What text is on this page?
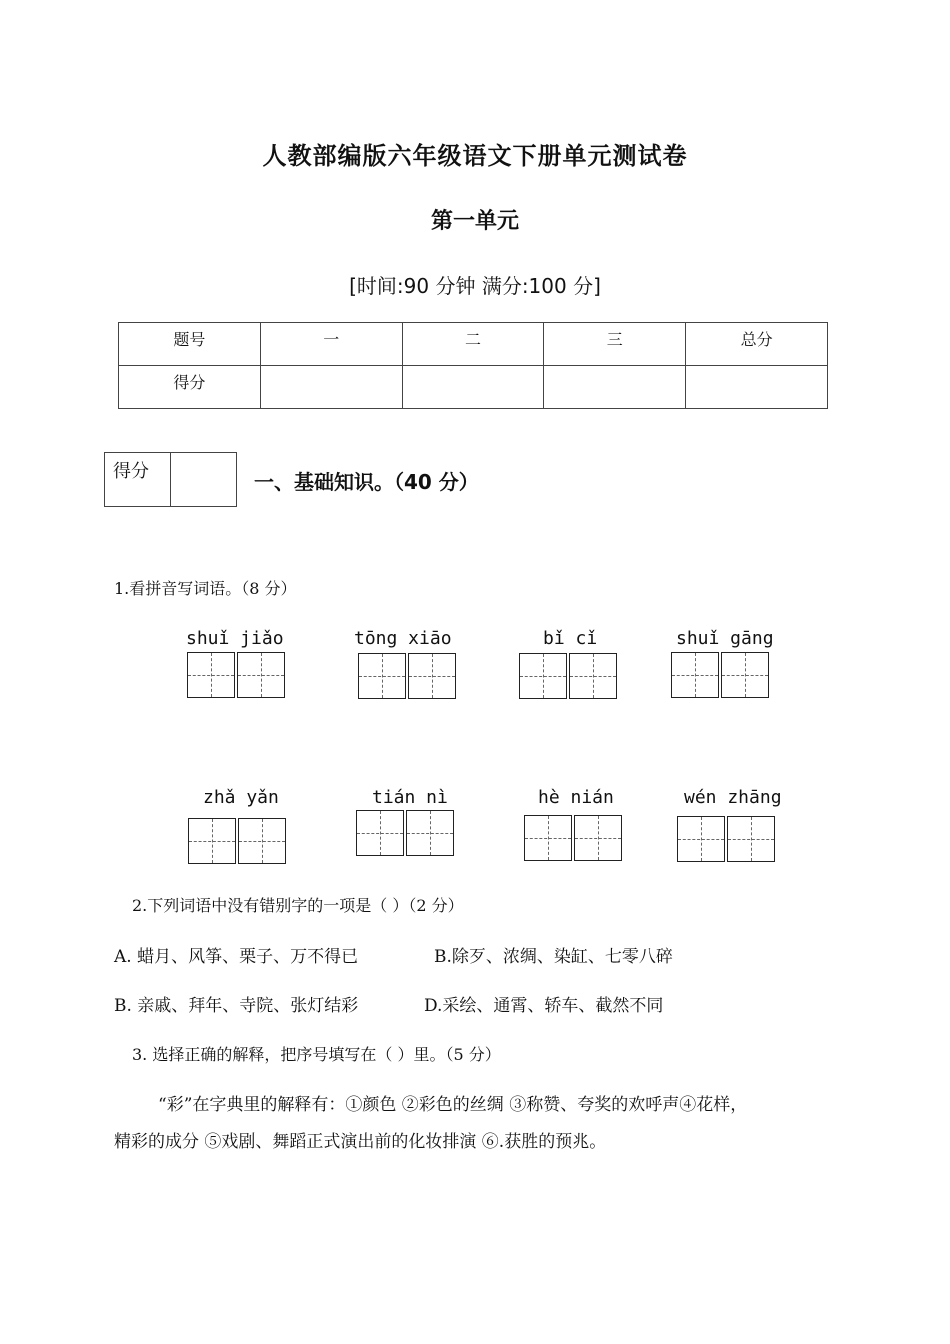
人教部编版六年级语文下册单元测试卷
第一单元
[时间:90 分钟 满分:100 分]
题号	一	二	三	总分
得分				
得分	一、基础知识。（40 分）
1.看拼音写词语。（8 分）
shuǐ jiǎo	tōng xiāo	bǐ cǐ	shuǐ gāng
zhǎ yǎn	tián nì	hè nián	wén zhāng
2.下列词语中没有错别字的一项是（ ）（2 分）
A. 蜡月、风筝、栗子、万不得已	B.除歹、浓绸、染缸、七零八碎
B. 亲戚、拜年、寺院、张灯结彩	D.采绘、通霄、轿车、截然不同
3. 选择正确的解释，把序号填写在（ ）里。（5 分）
“彩”在字典里的解释有：①颜色 ②彩色的丝绸 ③称赞、夸奖的欢呼声④花样，
精彩的成分 ⑤戏剧、舞蹈正式演出前的化妆排演 ⑥.获胜的预兆。
